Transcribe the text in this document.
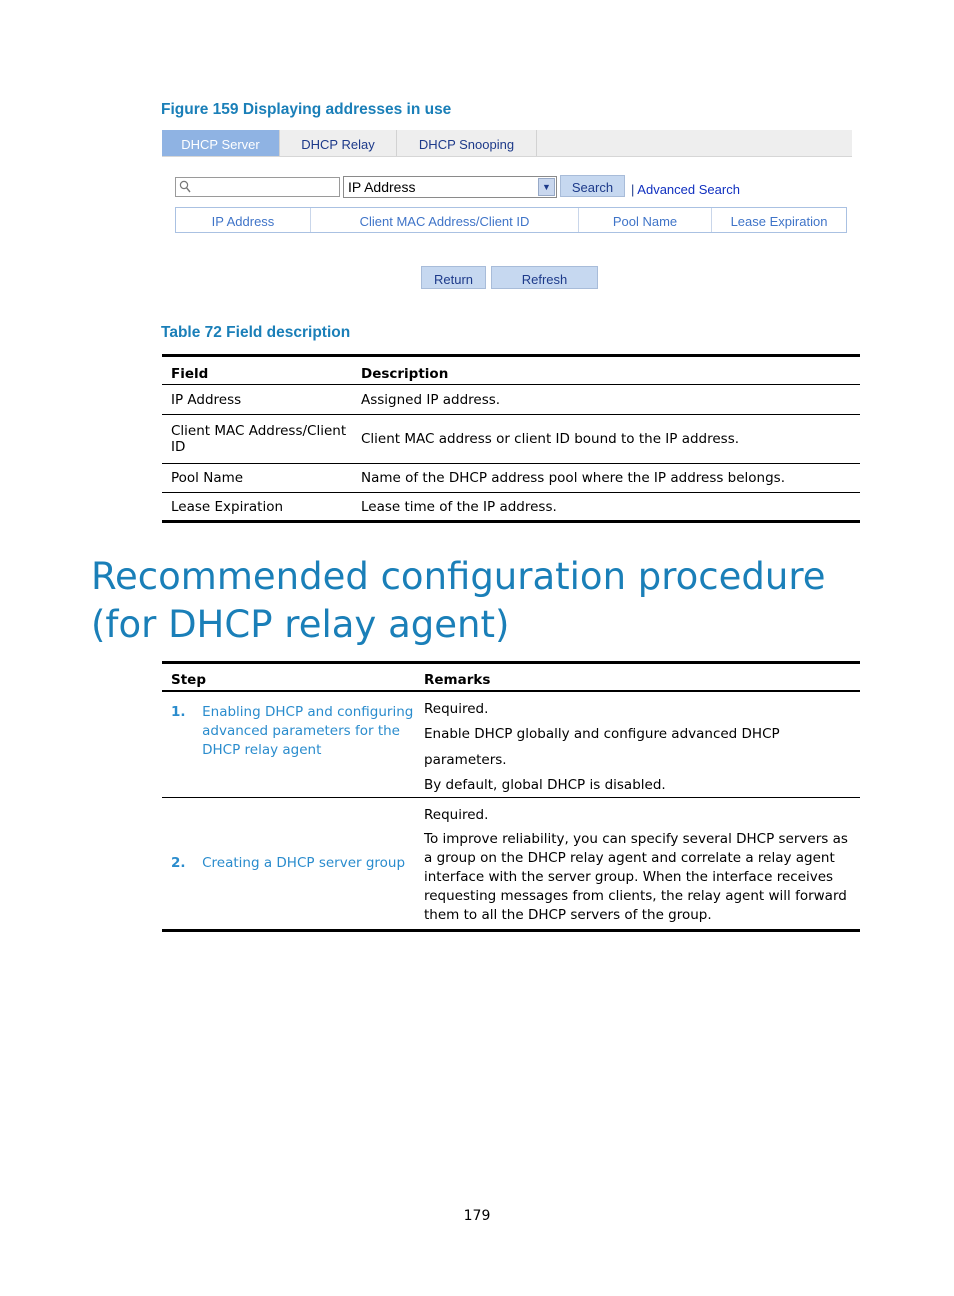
Figure 159 Displaying addresses in use
DHCP Server	DHCP Relay	DHCP Snooping
IP Address	▼	Search	| Advanced Search
IP Address	Client MAC Address/Client ID	Pool Name	Lease Expiration
Return	Refresh
Table 72 Field description
Field	Description
IP Address	Assigned IP address.
Client MAC Address/Client ID	Client MAC address or client ID bound to the IP address.
Pool Name	Name of the DHCP address pool where the IP address belongs.
Lease Expiration	Lease time of the IP address.
Recommended configuration procedure (for DHCP relay agent)
Step		Remarks
1.	Enabling DHCP and configuring advanced parameters for the DHCP relay agent	Required.
Enable DHCP globally and configure advanced DHCP parameters.
By default, global DHCP is disabled.

2.	Creating a DHCP server group	Required.
To improve reliability, you can specify several DHCP servers as a group on the DHCP relay agent and correlate a relay agent interface with the server group. When the interface receives requesting messages from clients, the relay agent will forward them to all the DHCP servers of the group.
179
